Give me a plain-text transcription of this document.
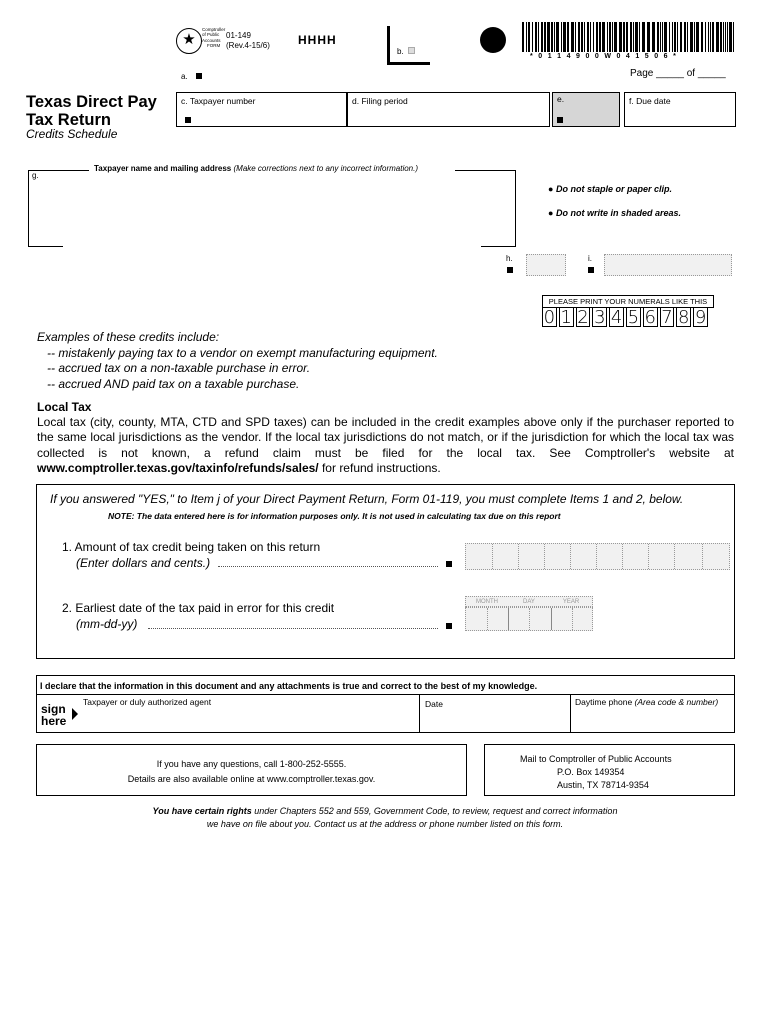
★
Comptroller
of Public
Accounts
FORM
01-149
(Rev.4-15/6) HHHH
b.
* 0 1 1 4 9 0 0 W 0 4 1 5 0 6 *
Page _____ of _____
a.
Texas Direct Pay
Tax Return
Credits Schedule
c. Taxpayer number	d. Filing period	e.	f. Due date
g.
Taxpayer name and mailing address (Make corrections next to any incorrect information.)
● Do not staple or paper clip.
● Do not write in shaded areas.
h.	i.
PLEASE PRINT YOUR NUMERALS LIKE THIS
0 1 2 3 4 5 6 7 8 9
Examples of these credits include:
-- mistakenly paying tax to a vendor on exempt manufacturing equipment.
-- accrued tax on a non-taxable purchase in error.
-- accrued AND paid tax on a taxable purchase.
Local Tax
Local tax (city, county, MTA, CTD and SPD taxes) can be included in the credit examples above only if the purchaser reported to the same local jurisdictions as the vendor. If the local tax jurisdictions do not match, or if the jurisdiction for which the local tax was collected is not known, a refund claim must be filed for the local tax. See Comptroller's website at www.comptroller.texas.gov/taxinfo/refunds/sales/ for refund instructions.
If you answered "YES," to Item j of your Direct Payment Return, Form 01-119, you must complete Items 1 and 2, below.
NOTE: The data entered here is for information purposes only. It is not used in calculating tax due on this report
1. Amount of tax credit being taken on this return
(Enter dollars and cents.)
2. Earliest date of the tax paid in error for this credit
(mm-dd-yy)
MONTH	DAY	YEAR
I declare that the information in this document and any attachments is true and correct to the best of my knowledge.
sign
here
Taxpayer or duly authorized agent	Date	Daytime phone (Area code & number)
If you have any questions, call 1-800-252-5555.
Details are also available online at www.comptroller.texas.gov.
Mail to Comptroller of Public Accounts
P.O. Box 149354
Austin, TX 78714-9354
You have certain rights under Chapters 552 and 559, Government Code, to review, request and correct information
we have on file about you. Contact us at the address or phone number listed on this form.
